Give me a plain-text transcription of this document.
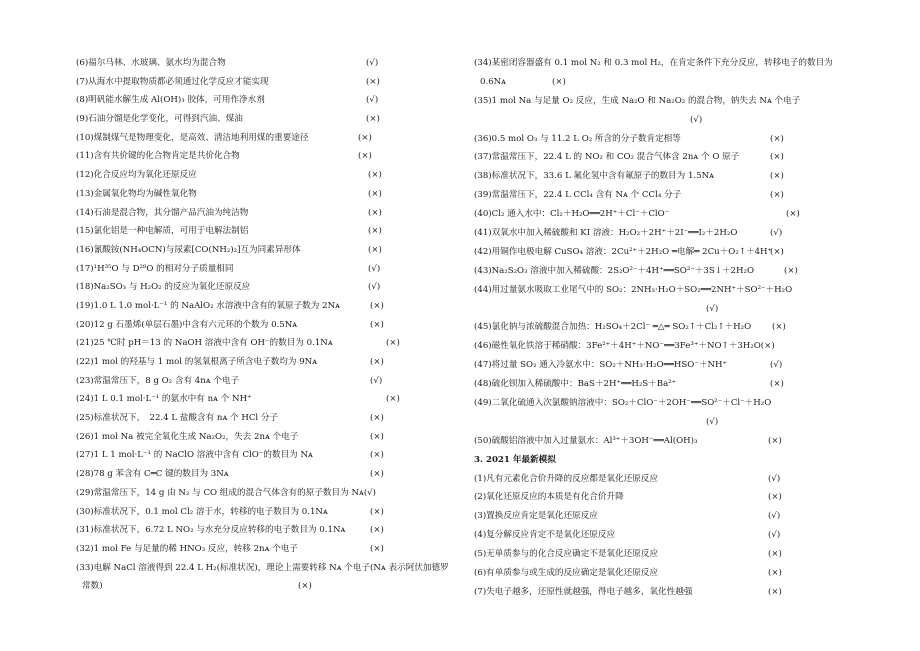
(6)福尔马林、水玻璃、氨水均为混合物	(√)
(7)从海水中提取物质都必须通过化学反应才能实现	(×)
(8)明矾能水解生成 Al(OH)₃ 胶体，可用作净水剂	(√)
(9)石油分馏是化学变化，可得到汽油、煤油	(×)
(10)煤制煤气是物理变化，是高效、清洁地利用煤的重要途径	(×)
(11)含有共价键的化合物肯定是共价化合物	(×)
(12)化合反应均为氧化还原反应	(×)
(13)金属氧化物均为碱性氧化物	(×)
(14)石油是混合物，其分馏产品汽油为纯洁物	(×)
(15)氯化铝是一种电解质，可用于电解法制铝	(×)
(16)氰酸铵(NH₄OCN)与尿素[CO(NH₂)₂]互为同素异形体	(×)
(17)¹H³⁵O 与 D²⁸O 的相对分子质量相同	(√)
(18)Na₂SO₃ 与 H₂O₂ 的反应为氧化还原反应	(√)
(19)1.0 L 1.0 mol·L⁻¹ 的 NaAlO₂ 水溶液中含有的氧原子数为 2Nᴀ	(×)
(20)12 g 石墨烯(单层石墨)中含有六元环的个数为 0.5Nᴀ	(×)
(21)25 ℃时 pH＝13 的 NaOH 溶液中含有 OH⁻的数目为 0.1Nᴀ	(×)
(22)1 mol 的羟基与 1 mol 的氢氧根离子所含电子数均为 9Nᴀ	(×)
(23)常温常压下，8 g O₂ 含有 4nᴀ 个电子	(√)
(24)1 L 0.1 mol·L⁻¹ 的氨水中有 nᴀ 个 NH⁺	(×)
(25)标准状况下，　22.4 L 盐酸含有 nᴀ 个 HCl 分子	(×)
(26)1 mol Na 被完全氧化生成 Na₂O₂，失去 2nᴀ 个电子	(×)
(27)1 L 1 mol·L⁻¹ 的 NaClO 溶液中含有 ClO⁻的数目为 Nᴀ	(×)
(28)78 g 苯含有 C═C 键的数目为 3Nᴀ	(×)
(29)常温常压下，14 g 由 N₂ 与 CO 组成的混合气体含有的原子数目为 Nᴀ(√)
(30)标准状况下，0.1 mol Cl₂ 溶于水，转移的电子数目为 0.1Nᴀ	(×)
(31)标准状况下，6.72 L NO₂ 与水充分反应转移的电子数目为 0.1Nᴀ	(×)
(32)1 mol Fe 与足量的稀 HNO₃ 反应，转移 2nᴀ 个电子	(×)
(33)电解 NaCl 溶液得到 22.4 L H₂(标准状况)，理论上需要转移 Nᴀ 个电子(Nᴀ 表示阿伏加德罗
常数)	(×)
(34)某密闭容器盛有 0.1 mol N₂ 和 0.3 mol H₂，在肯定条件下充分反应，转移电子的数目为
0.6Nᴀ	(×)
(35)1 mol Na 与足量 O₂ 反应，生成 Na₂O 和 Na₂O₂ 的混合物，钠失去 Nᴀ 个电子
(√)
(36)0.5 mol O₃ 与 11.2 L O₂ 所含的分子数肯定相等	(×)
(37)常温常压下，22.4 L 的 NO₂ 和 CO₂ 混合气体含 2nᴀ 个 O 原子	(×)
(38)标准状况下，33.6 L 氟化氢中含有氟原子的数目为 1.5Nᴀ	(×)
(39)常温常压下，22.4 L CCl₄ 含有 Nᴀ 个 CCl₄ 分子	(×)
(40)Cl₂ 通入水中：Cl₂＋H₂O══2H⁺＋Cl⁻＋ClO⁻	(×)
(41)双氧水中加入稀硫酸和 KI 溶液：H₂O₂＋2H⁺＋2I⁻══I₂＋2H₂O	(√)
(42)用铜作电极电解 CuSO₄ 溶液：2Cu²⁺＋2H₂O ═电解═ 2Cu＋O₂↑＋4H⁺
(×)
(43)Na₂S₂O₃ 溶液中加入稀硫酸：2S₂O²⁻＋4H⁺══SO²⁻＋3S↓＋2H₂O	(×)
(44)用过量氨水吸取工业尾气中的 SO₂：2NH₃·H₂O＋SO₂══2NH⁺＋SO²⁻＋H₂O
(√)
(45)氯化钠与浓硫酸混合加热：H₂SO₄＋2Cl⁻ ═△═ SO₂↑＋Cl₂↑＋H₂O (×)
(46)磁性氧化铁溶于稀硝酸：3Fe²⁺＋4H⁺＋NO⁻══3Fe³⁺＋NO↑＋3H₂O(×)
(47)将过量 SO₂ 通入冷氨水中：SO₂＋NH₃·H₂O══HSO⁻＋NH⁺	(√)
(48)硫化钡加入稀硫酸中：BaS＋2H⁺══H₂S＋Ba²⁺	(×)
(49)二氧化硫通入次氯酸钠溶液中：SO₂＋ClO⁻＋2OH⁻══SO²⁻＋Cl⁻＋H₂O
(√)
(50)硫酸铝溶液中加入过量氨水：Al³⁺＋3OH⁻══Al(OH)₃	(×)
3. 2021 年最新模拟
(1)凡有元素化合价升降的反应都是氧化还原反应	(√)
(2)氧化还原反应的本质是有化合价升降	(×)
(3)置换反应肯定是氧化还原反应	(√)
(4)复分解反应肯定不是氧化还原反应	(√)
(5)无单质参与的化合反应确定不是氧化还原反应	(×)
(6)有单质参与或生成的反应确定是氧化还原反应	(×)
(7)失电子越多，还原性就越强，得电子越多，氧化性越强	(×)
